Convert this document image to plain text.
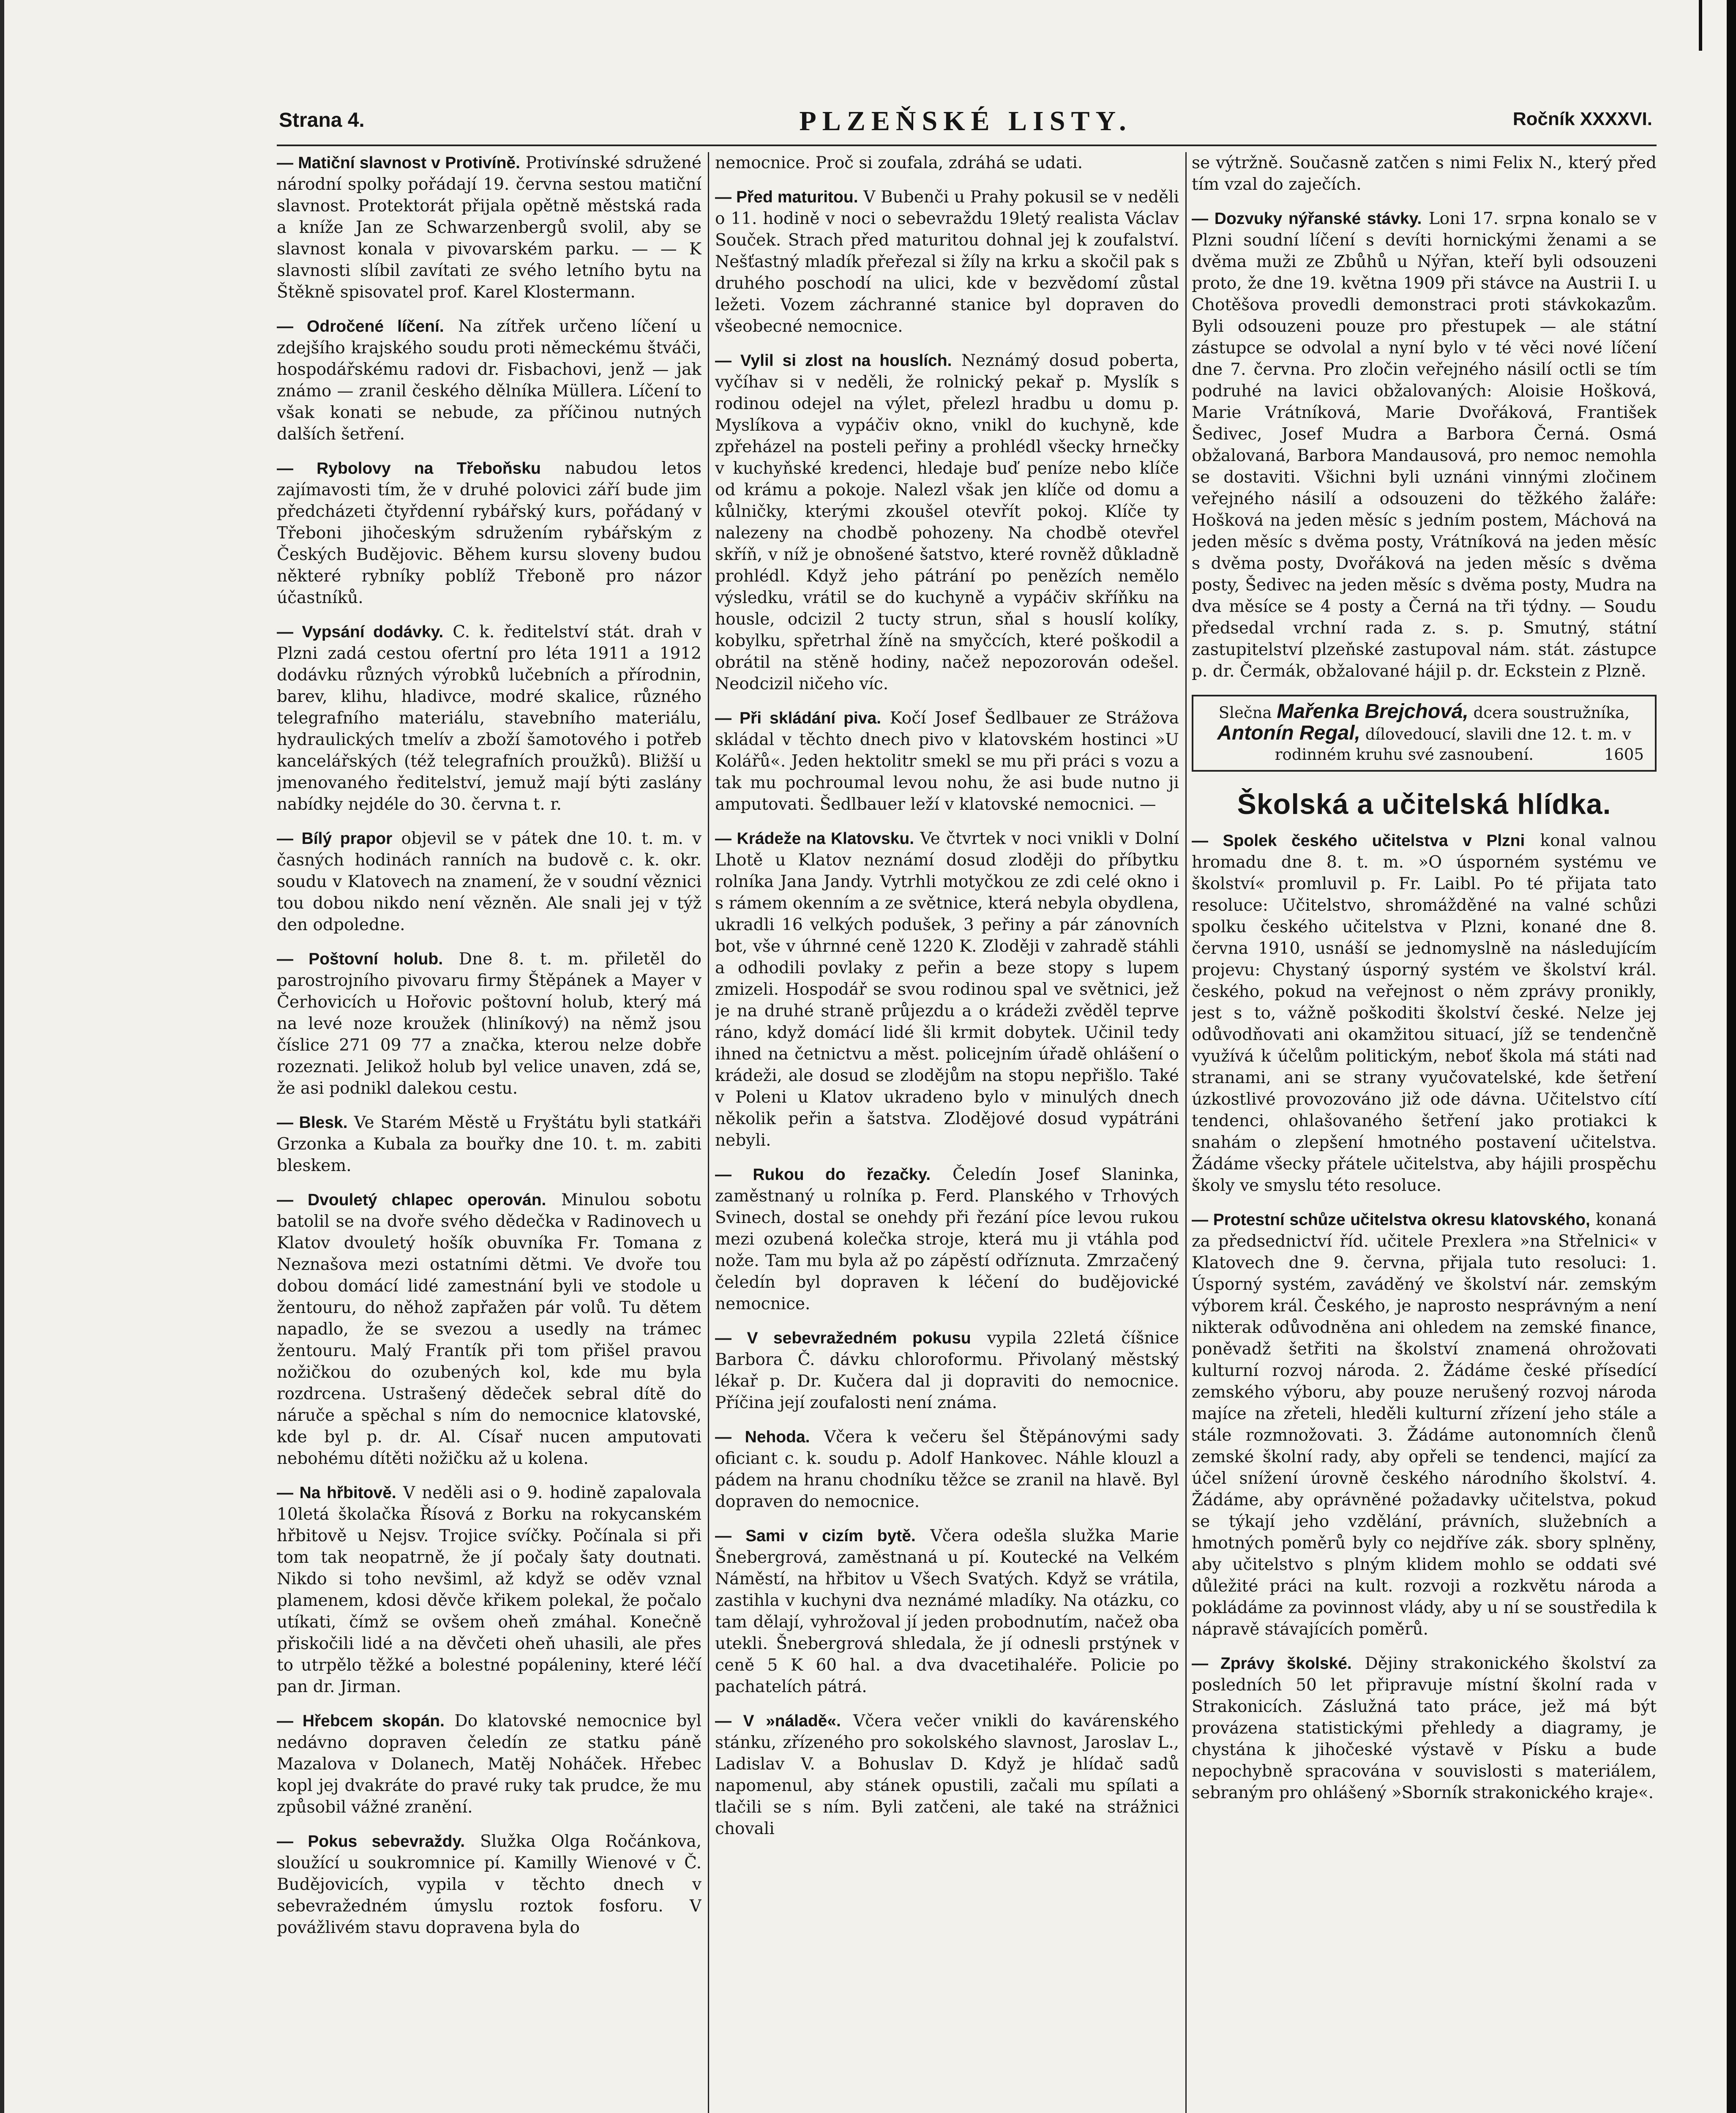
Strana 4.	PLZEŇSKÉ LISTY.	Ročník XXXXVI.

— Matiční slavnost v Protivíně. Protivínské sdružené národní spolky pořádají 19. června sestou matiční slavnost. Protektorát přijala opětně městská rada a kníže Jan ze Schwarzenbergů svolil, aby se slavnost konala v pivovarském parku. — — K slavnosti slíbil zavítati ze svého letního bytu na Štěkně spisovatel prof. Karel Klostermann.

— Odročené líčení. Na zítřek určeno líčení u zdejšího krajského soudu proti německému štváči, hospodářskému radovi dr. Fisbachovi, jenž — jak známo — zranil českého dělníka Müllera. Líčení to však konati se nebude, za příčinou nutných dalších šetření.

— Rybolovy na Třeboňsku nabudou letos zajímavosti tím, že v druhé polovici září bude jim předcházeti čtyřdenní rybářský kurs, pořádaný v Třeboni jihočeským sdružením rybářským z Českých Budějovic. Během kursu sloveny budou některé rybníky poblíž Třeboně pro názor účastníků.

— Vypsání dodávky. C. k. ředitelství stát. drah v Plzni zadá cestou ofertní pro léta 1911 a 1912 dodávku různých výrobků lučebních a přírodnin, barev, klihu, hladivce, modré skalice, různého telegrafního materiálu, stavebního materiálu, hydraulických tmelív a zboží šamotového i potřeb kancelářských (též telegrafních proužků). Bližší u jmenovaného ředitelství, jemuž mají býti zaslány nabídky nejdéle do 30. června t. r.

— Bílý prapor objevil se v pátek dne 10. t. m. v časných hodinách ranních na budově c. k. okr. soudu v Klatovech na znamení, že v soudní věznici tou dobou nikdo není vězněn. Ale snali jej v týž den odpoledne.

— Poštovní holub. Dne 8. t. m. přiletěl do parostrojního pivovaru firmy Štěpánek a Mayer v Čerhovicích u Hořovic poštovní holub, který má na levé noze kroužek (hliníkový) na němž jsou číslice 271 09 77 a značka, kterou nelze dobře rozeznati. Jelikož holub byl velice unaven, zdá se, že asi podnikl dalekou cestu.

— Blesk. Ve Starém Městě u Fryštátu byli statkáři Grzonka a Kubala za bouřky dne 10. t. m. zabiti bleskem.

— Dvouletý chlapec operován. Minulou sobotu batolil se na dvoře svého dědečka v Radinovech u Klatov dvouletý hošík obuvníka Fr. Tomana z Neznašova mezi ostatními dětmi. Ve dvoře tou dobou domácí lidé zamestnání byli ve stodole u žentouru, do něhož zapřažen pár volů. Tu dětem napadlo, že se svezou a usedly na trámec žentouru. Malý Frantík při tom přišel pravou nožičkou do ozubených kol, kde mu byla rozdrcena. Ustrašený dědeček sebral dítě do náruče a spěchal s ním do nemocnice klatovské, kde byl p. dr. Al. Císař nucen amputovati nebohému dítěti nožičku až u kolena.

— Na hřbitově. V neděli asi o 9. hodině zapalovala 10letá školačka Řísová z Borku na rokycanském hřbitově u Nejsv. Trojice svíčky. Počínala si při tom tak neopatrně, že jí počaly šaty doutnati. Nikdo si toho nevšiml, až když se oděv vznal plamenem, kdosi děvče křikem polekal, že počalo utíkati, čímž se ovšem oheň zmáhal. Konečně přiskočili lidé a na děvčeti oheň uhasili, ale přes to utrpělo těžké a bolestné popáleniny, které léčí pan dr. Jirman.

— Hřebcem skopán. Do klatovské nemocnice byl nedávno dopraven čeledín ze statku páně Mazalova v Dolanech, Matěj Noháček. Hřebec kopl jej dvakráte do pravé ruky tak prudce, že mu způsobil vážné zranění.

— Pokus sebevraždy. Služka Olga Ročánkova, sloužící u soukromnice pí. Kamilly Wienové v Č. Budějovicích, vypila v těchto dnech v sebevražedném úmyslu roztok fosforu. V povážlivém stavu dopravena byla do

nemocnice. Proč si zoufala, zdráhá se udati.

— Před maturitou. V Bubenči u Prahy pokusil se v neděli o 11. hodině v noci o sebevraždu 19letý realista Václav Souček. Strach před maturitou dohnal jej k zoufalství. Nešťastný mladík přeřezal si žíly na krku a skočil pak s druhého poschodí na ulici, kde v bezvědomí zůstal ležeti. Vozem záchranné stanice byl dopraven do všeobecné nemocnice.

— Vylil si zlost na houslích. Neznámý dosud poberta, vyčíhav si v neděli, že rolnický pekař p. Myslík s rodinou odejel na výlet, přelezl hradbu u domu p. Myslíkova a vypáčiv okno, vnikl do kuchyně, kde zpřeházel na posteli peřiny a prohlédl všecky hrnečky v kuchyňské kredenci, hledaje buď peníze nebo klíče od krámu a pokoje. Nalezl však jen klíče od domu a kůlničky, kterými zkoušel otevřít pokoj. Klíče ty nalezeny na chodbě pohozeny. Na chodbě otevřel skříň, v níž je obnošené šatstvo, které rovněž důkladně prohlédl. Když jeho pátrání po penězích nemělo výsledku, vrátil se do kuchyně a vypáčiv skříňku na housle, odcizil 2 tucty strun, sňal s houslí kolíky, kobylku, spřetrhal žíně na smyčcích, které poškodil a obrátil na stěně hodiny, načež nepozorován odešel. Neodcizil ničeho víc.

— Při skládání piva. Kočí Josef Šedlbauer ze Strážova skládal v těchto dnech pivo v klatovském hostinci »U Kolářů«. Jeden hektolitr smekl se mu při práci s vozu a tak mu pochroumal levou nohu, že asi bude nutno ji amputovati. Šedlbauer leží v klatovské nemocnici. —

— Krádeže na Klatovsku. Ve čtvrtek v noci vnikli v Dolní Lhotě u Klatov neznámí dosud zloději do příbytku rolníka Jana Jandy. Vytrhli motyčkou ze zdi celé okno i s rámem okenním a ze světnice, která nebyla obydlena, ukradli 16 velkých podušek, 3 peřiny a pár zánovních bot, vše v úhrnné ceně 1220 K. Zloději v zahradě stáhli a odhodili povlaky z peřin a beze stopy s lupem zmizeli. Hospodář se svou rodinou spal ve světnici, jež je na druhé straně průjezdu a o krádeži zvěděl teprve ráno, když domácí lidé šli krmit dobytek. Učinil tedy ihned na četnictvu a měst. policejním úřadě ohlášení o krádeži, ale dosud se zlodějům na stopu nepřišlo. Také v Poleni u Klatov ukradeno bylo v minulých dnech několik peřin a šatstva. Zlodějové dosud vypátráni nebyli.

— Rukou do řezačky. Čeledín Josef Slaninka, zaměstnaný u rolníka p. Ferd. Planského v Trhových Svinech, dostal se onehdy při řezání píce levou rukou mezi ozubená kolečka stroje, která mu ji vtáhla pod nože. Tam mu byla až po zápěstí odříznuta. Zmrzačený čeledín byl dopraven k léčení do budějovické nemocnice.

— V sebevražedném pokusu vypila 22letá číšnice Barbora Č. dávku chloroformu. Přivolaný městský lékař p. Dr. Kučera dal ji dopraviti do nemocnice. Příčina její zoufalosti není známa.

— Nehoda. Včera k večeru šel Štěpánovými sady oficiant c. k. soudu p. Adolf Hankovec. Náhle klouzl a pádem na hranu chodníku těžce se zranil na hlavě. Byl dopraven do nemocnice.

— Sami v cizím bytě. Včera odešla služka Marie Šnebergrová, zaměstnaná u pí. Koutecké na Velkém Náměstí, na hřbitov u Všech Svatých. Když se vrátila, zastihla v kuchyni dva neznámé mladíky. Na otázku, co tam dělají, vyhrožoval jí jeden probodnutím, načež oba utekli. Šnebergrová shledala, že jí odnesli prstýnek v ceně 5 K 60 hal. a dva dvacetihaléře. Policie po pachatelích pátrá.

— V »náladě«. Včera večer vnikli do kavárenského stánku, zřízeného pro sokolského slavnost, Jaroslav L., Ladislav V. a Bohuslav D. Když je hlídač sadů napomenul, aby stánek opustili, začali mu spílati a tlačili se s ním. Byli zatčeni, ale také na strážnici chovali

se výtržně. Současně zatčen s nimi Felix N., který před tím vzal do zaječích.

— Dozvuky nýřanské stávky. Loni 17. srpna konalo se v Plzni soudní líčení s devíti hornickými ženami a se dvěma muži ze Zbůhů u Nýřan, kteří byli odsouzeni proto, že dne 19. května 1909 při stávce na Austrii I. u Chotěšova provedli demonstraci proti stávkokazům. Byli odsouzeni pouze pro přestupek — ale státní zástupce se odvolal a nyní bylo v té věci nové líčení dne 7. června. Pro zločin veřejného násilí octli se tím podruhé na lavici obžalovaných: Aloisie Hošková, Marie Vrátníková, Marie Dvořáková, František Šedivec, Josef Mudra a Barbora Černá. Osmá obžalovaná, Barbora Mandausová, pro nemoc nemohla se dostaviti. Všichni byli uznáni vinnými zločinem veřejného násilí a odsouzeni do těžkého žaláře: Hošková na jeden měsíc s jedním postem, Máchová na jeden měsíc s dvěma posty, Vrátníková na jeden měsíc s dvěma posty, Dvořáková na jeden měsíc s dvěma posty, Šedivec na jeden měsíc s dvěma posty, Mudra na dva měsíce se 4 posty a Černá na tři týdny. — Soudu předsedal vrchní rada z. s. p. Smutný, státní zastupitelství plzeňské zastupoval nám. stát. zástupce p. dr. Čermák, obžalované hájil p. dr. Eckstein z Plzně.

Slečna Mařenka Brejchová, dcera soustružníka,
Antonín Regal, dílovedoucí, slavili dne 12. t. m. v rodinném kruhu své zasnoubení.	1605
Školská a učitelská hlídka.

— Spolek českého učitelstva v Plzni konal valnou hromadu dne 8. t. m. »O úsporném systému ve školství« promluvil p. Fr. Laibl. Po té přijata tato resoluce: Učitelstvo, shromážděné na valné schůzi spolku českého učitelstva v Plzni, konané dne 8. června 1910, usnáší se jednomyslně na následujícím projevu: Chystaný úsporný systém ve školství král. českého, pokud na veřejnost o něm zprávy pronikly, jest s to, vážně poškoditi školství české. Nelze jej odůvodňovati ani okamžitou situací, jíž se tendenčně využívá k účelům politickým, neboť škola má státi nad stranami, ani se strany vyučovatelské, kde šetření úzkostlivé provozováno již ode dávna. Učitelstvo cítí tendenci, ohlašovaného šetření jako protiakci k snahám o zlepšení hmotného postavení učitelstva. Žádáme všecky přátele učitelstva, aby hájili prospěchu školy ve smyslu této resoluce.

— Protestní schůze učitelstva okresu klatovského, konaná za předsednictví říd. učitele Prexlera »na Střelnici« v Klatovech dne 9. června, přijala tuto resoluci: 1. Úsporný systém, zaváděný ve školství nár. zemským výborem král. Českého, je naprosto nesprávným a není nikterak odůvodněna ani ohledem na zemské finance, poněvadž šetřiti na školství znamená ohrožovati kulturní rozvoj národa. 2. Žádáme české přísedící zemského výboru, aby pouze nerušený rozvoj národa majíce na zřeteli, hleděli kulturní zřízení jeho stále a stále rozmnožovati. 3. Žádáme autonomních členů zemské školní rady, aby opřeli se tendenci, mající za účel snížení úrovně českého národního školství. 4. Žádáme, aby oprávněné požadavky učitelstva, pokud se týkají jeho vzdělání, právních, služebních a hmotných poměrů byly co nejdříve zák. sbory splněny, aby učitelstvo s plným klidem mohlo se oddati své důležité práci na kult. rozvoji a rozkvětu národa a pokládáme za povinnost vlády, aby u ní se soustředila k nápravě stávajících poměrů.

— Zprávy školské. Dějiny strakonického školství za posledních 50 let připravuje místní školní rada v Strakonicích. Záslužná tato práce, jež má být provázena statistickými přehledy a diagramy, je chystána k jihočeské výstavě v Písku a bude nepochybně spracována v souvislosti s materiálem, sebraným pro ohlášený »Sborník strakonického kraje«.
